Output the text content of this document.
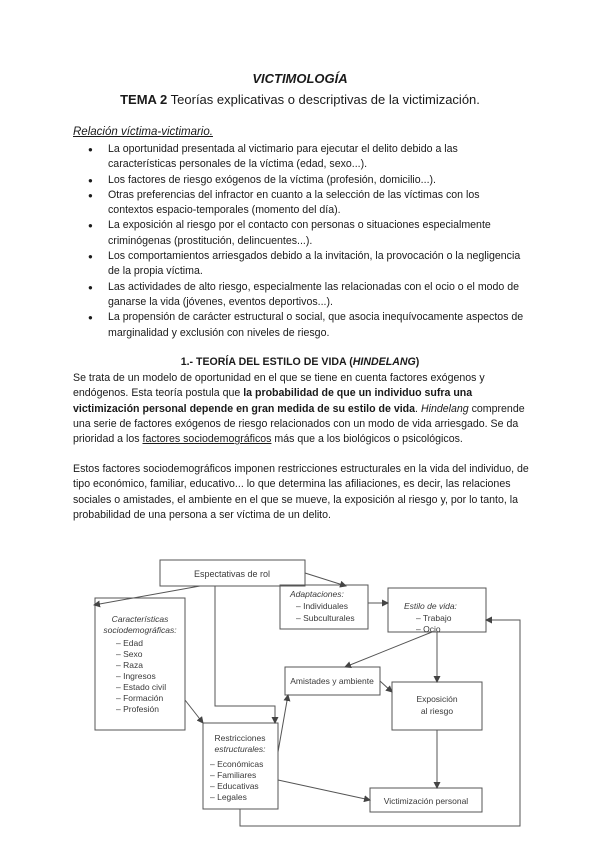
VICTIMOLOGÍA
TEMA 2 Teorías explicativas o descriptivas de la victimización.
Relación víctima-victimario.
● La oportunidad presentada al victimario para ejecutar el delito debido a las características personales de la víctima (edad, sexo...).
● Los factores de riesgo exógenos de la víctima (profesión, domicilio...).
● Otras preferencias del infractor en cuanto a la selección de las víctimas con los contextos espacio-temporales (momento del día).
● La exposición al riesgo por el contacto con personas o situaciones especialmente criminógenas (prostitución, delincuentes...).
● Los comportamientos arriesgados debido a la invitación, la provocación o la negligencia de la propia víctima.
● Las actividades de alto riesgo, especialmente las relacionadas con el ocio o el modo de ganarse la vida (jóvenes, eventos deportivos...).
● La propensión de carácter estructural o social, que asocia inequívocamente aspectos de marginalidad y exclusión con niveles de riesgo.
1.- TEORÍA DEL ESTILO DE VIDA (HINDELANG)

Se trata de un modelo de oportunidad en el que se tiene en cuenta factores exógenos y endógenos. Esta teoría postula que la probabilidad de que un individuo sufra una victimización personal depende en gran medida de su estilo de vida. Hindelang comprende una serie de factores exógenos de riesgo relacionados con un modo de vida arriesgado. Se da prioridad a los factores sociodemográficos más que a los biológicos o psicológicos.

Estos factores sociodemográficos imponen restricciones estructurales en la vida del individuo, de tipo económico, familiar, educativo... lo que determina las afiliaciones, es decir, las relaciones sociales o amistades, el ambiente en el que se mueve, la exposición al riesgo y, por lo tanto, la probabilidad de una persona a ser víctima de un delito.

Espectativas de rol
Adaptaciones:
– Individuales
– Subculturales
Características
sociodemográficas:
– Edad
– Sexo
– Raza
– Ingresos
– Estado civil
– Formación
– Profesión
Estilo de vida:
– Trabajo
– Ocio
Amistades y ambiente
Exposición
al riesgo
Restricciones
estructurales:
– Económicas
– Familiares
– Educativas
– Legales	Victimización personal
